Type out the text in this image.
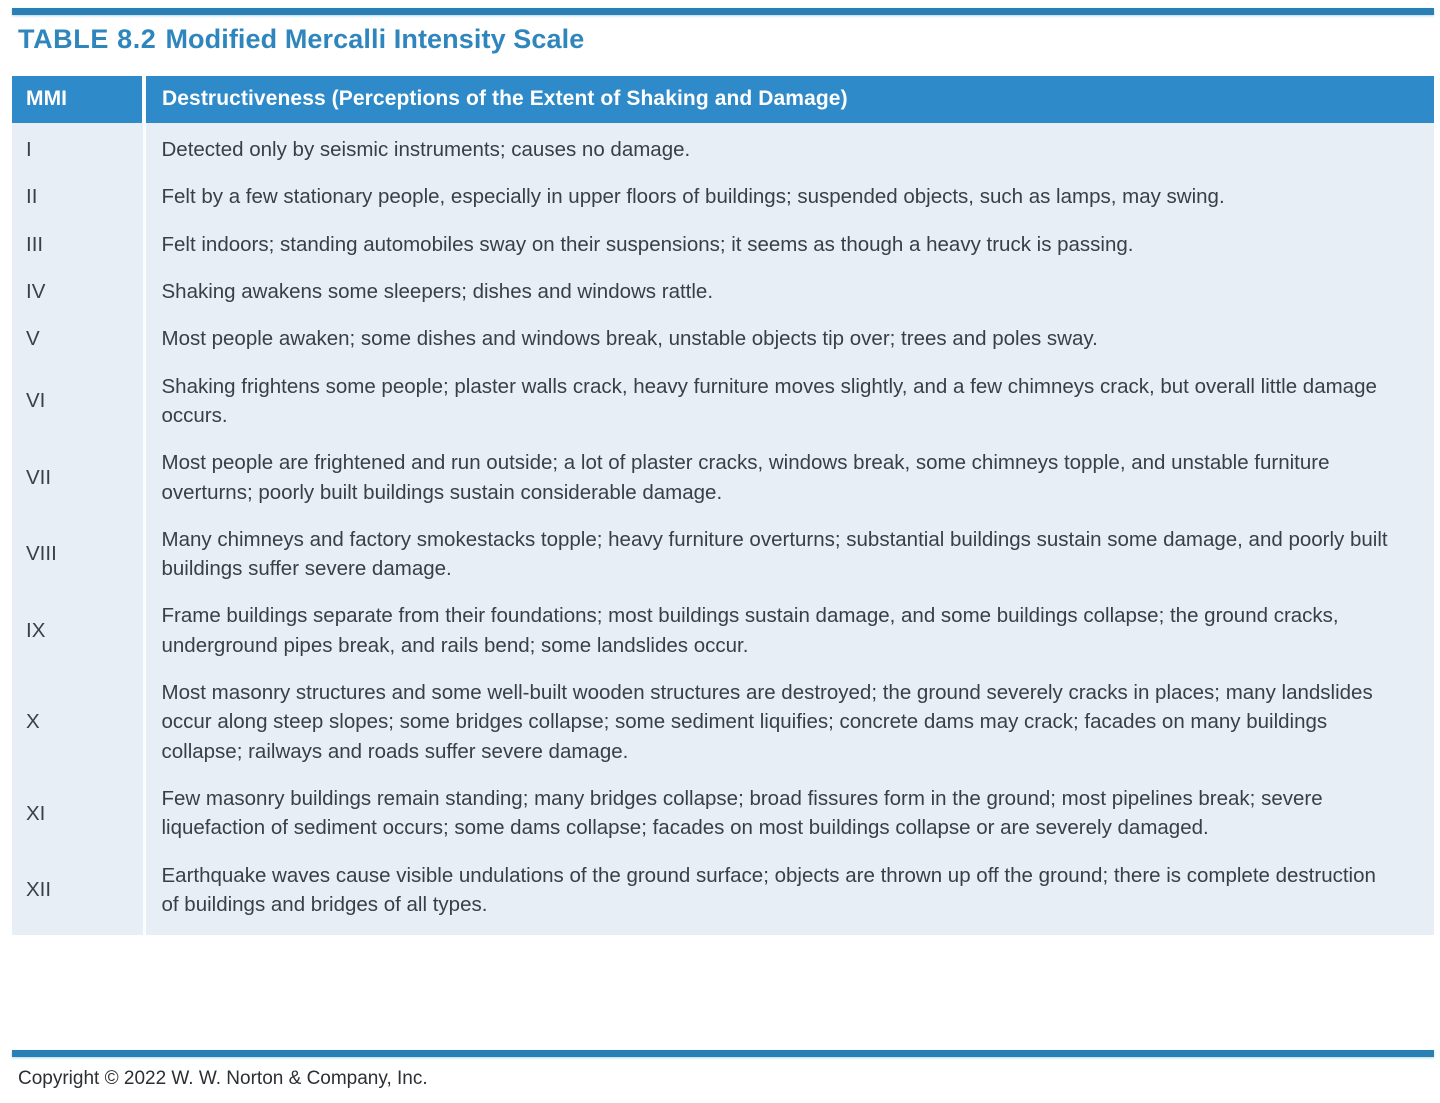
TABLE 8.2 Modified Mercalli Intensity Scale
MMI	Destructiveness (Perceptions of the Extent of Shaking and Damage)
I	Detected only by seismic instruments; causes no damage.
II	Felt by a few stationary people, especially in upper floors of buildings; suspended objects, such as lamps, may swing.
III	Felt indoors; standing automobiles sway on their suspensions; it seems as though a heavy truck is passing.
IV	Shaking awakens some sleepers; dishes and windows rattle.
V	Most people awaken; some dishes and windows break, unstable objects tip over; trees and poles sway.
VI	Shaking frightens some people; plaster walls crack, heavy furniture moves slightly, and a few chimneys crack, but overall little damage occurs.
VII	Most people are frightened and run outside; a lot of plaster cracks, windows break, some chimneys topple, and unstable furniture overturns; poorly built buildings sustain considerable damage.
VIII	Many chimneys and factory smokestacks topple; heavy furniture overturns; substantial buildings sustain some damage, and poorly built buildings suffer severe damage.
IX	Frame buildings separate from their foundations; most buildings sustain damage, and some buildings collapse; the ground cracks, underground pipes break, and rails bend; some landslides occur.
X	Most masonry structures and some well-built wooden structures are destroyed; the ground severely cracks in places; many landslides occur along steep slopes; some bridges collapse; some sediment liquifies; concrete dams may crack; facades on many buildings collapse; railways and roads suffer severe damage.
XI	Few masonry buildings remain standing; many bridges collapse; broad fissures form in the ground; most pipelines break; severe liquefaction of sediment occurs; some dams collapse; facades on most buildings collapse or are severely damaged.
XII	Earthquake waves cause visible undulations of the ground surface; objects are thrown up off the ground; there is complete destruction of buildings and bridges of all types.
Copyright © 2022 W. W. Norton & Company, Inc.
